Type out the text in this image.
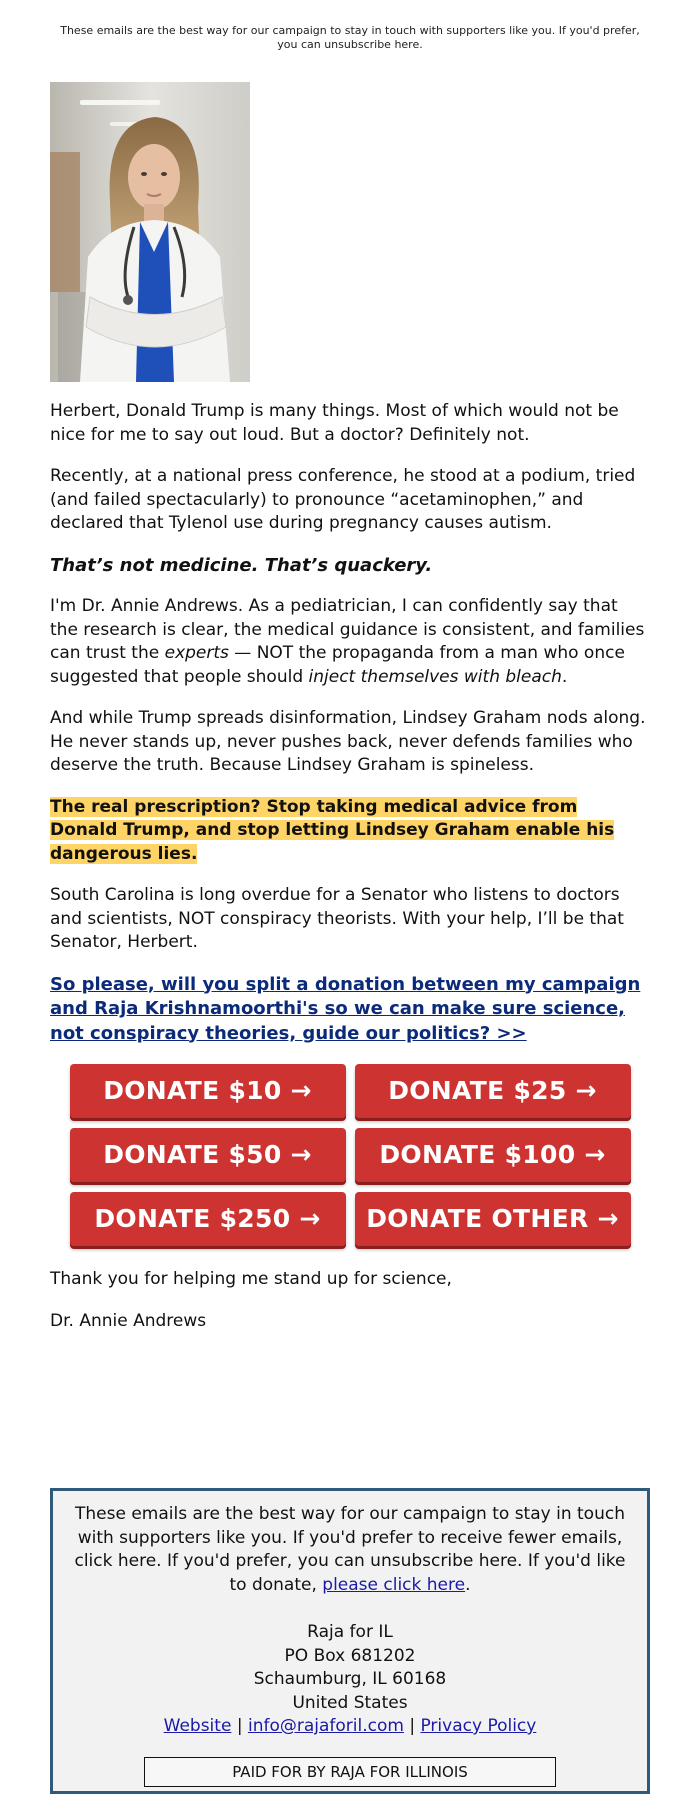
These emails are the best way for our campaign to stay in touch with supporters like you. If you'd prefer, you can unsubscribe here.

Herbert, Donald Trump is many things. Most of which would not be nice for me to say out loud. But a doctor? Definitely not.

Recently, at a national press conference, he stood at a podium, tried (and failed spectacularly) to pronounce “acetaminophen,” and declared that Tylenol use during pregnancy causes autism.

That’s not medicine. That’s quackery.

I'm Dr. Annie Andrews. As a pediatrician, I can confidently say that the research is clear, the medical guidance is consistent, and families can trust the experts — NOT the propaganda from a man who once suggested that people should inject themselves with bleach.

And while Trump spreads disinformation, Lindsey Graham nods along. He never stands up, never pushes back, never defends families who deserve the truth. Because Lindsey Graham is spineless.

The real prescription? Stop taking medical advice from Donald Trump, and stop letting Lindsey Graham enable his dangerous lies.

South Carolina is long overdue for a Senator who listens to doctors and scientists, NOT conspiracy theorists. With your help, I’ll be that Senator, Herbert.

So please, will you split a donation between my campaign and Raja Krishnamoorthi's so we can make sure science, not conspiracy theories, guide our politics? >>

DONATE $10 →	DONATE $25 →
DONATE $50 →	DONATE $100 →
DONATE $250 →	DONATE OTHER →

Thank you for helping me stand up for science,

Dr. Annie Andrews

These emails are the best way for our campaign to stay in touch with supporters like you. If you'd prefer to receive fewer emails, click here. If you'd prefer, you can unsubscribe here. If you'd like to donate, please click here.
Raja for IL
PO Box 681202
Schaumburg, IL 60168
United States
Website | info@rajaforil.com | Privacy Policy
PAID FOR BY RAJA FOR ILLINOIS
